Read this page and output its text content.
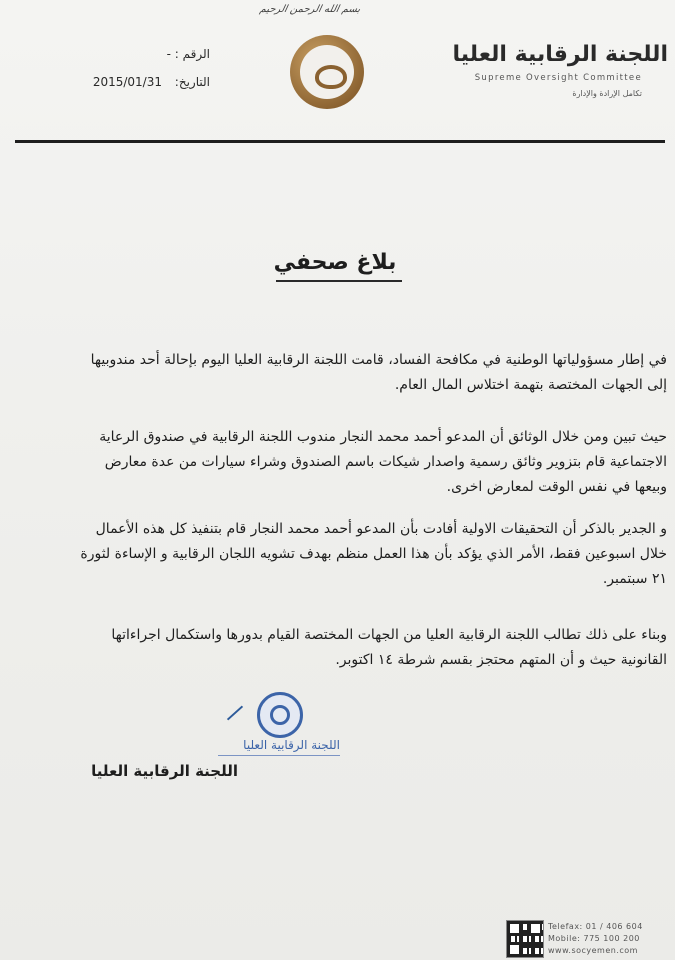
بسم الله الرحمن الرحيم
اللجنة الرقابية العليا
Supreme Oversight Committee
تكامل الإرادة والإدارة
الرقم : -
التاريخ:
2015/01/31
بلاغ صحفي
في إطار مسؤولياتها الوطنية في مكافحة الفساد، قامت اللجنة الرقابية العليا اليوم بإحالة أحد مندوبيها إلى الجهات المختصة بتهمة اختلاس المال العام.
حيث تبين ومن خلال الوثائق أن المدعو أحمد محمد النجار مندوب اللجنة الرقابية في صندوق الرعاية الاجتماعية قام بتزوير وثائق رسمية واصدار شيكات باسم الصندوق وشراء سيارات من عدة معارض وبيعها في نفس الوقت لمعارض اخرى.
و الجدير بالذكر أن التحقيقات الاولية أفادت بأن المدعو أحمد محمد النجار قام بتنفيذ كل هذه الأعمال خلال اسبوعين فقط، الأمر الذي يؤكد بأن هذا العمل منظم بهدف تشويه اللجان الرقابية و الإساءة لثورة ٢١ سبتمبر.
وبناء على ذلك تطالب اللجنة الرقابية العليا من الجهات المختصة القيام بدورها واستكمال اجراءاتها القانونية حيث و أن المتهم محتجز بقسم شرطة ١٤ اكتوبر.
اللجنة الرقابية العليا
اللجنة الرقابية العليا
Telefax: 01 / 406 604
Mobile: 775 100 200
www.socyemen.com
